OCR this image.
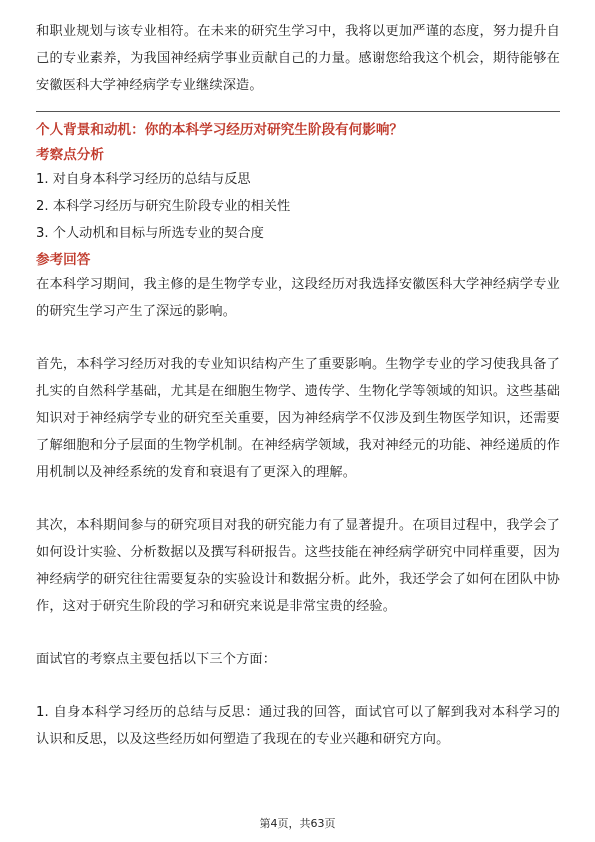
和职业规划与该专业相符。在未来的研究生学习中，我将以更加严谨的态度，努力提升自己的专业素养，为我国神经病学事业贡献自己的力量。感谢您给我这个机会，期待能够在安徽医科大学神经病学专业继续深造。

个人背景和动机：你的本科学习经历对研究生阶段有何影响？

考察点分析

1. 对自身本科学习经历的总结与反思
2. 本科学习经历与研究生阶段专业的相关性
3. 个人动机和目标与所选专业的契合度

参考回答

在本科学习期间，我主修的是生物学专业，这段经历对我选择安徽医科大学神经病学专业的研究生学习产生了深远的影响。

首先，本科学习经历对我的专业知识结构产生了重要影响。生物学专业的学习使我具备了扎实的自然科学基础，尤其是在细胞生物学、遗传学、生物化学等领域的知识。这些基础知识对于神经病学专业的研究至关重要，因为神经病学不仅涉及到生物医学知识，还需要了解细胞和分子层面的生物学机制。在神经病学领域，我对神经元的功能、神经递质的作用机制以及神经系统的发育和衰退有了更深入的理解。

其次，本科期间参与的研究项目对我的研究能力有了显著提升。在项目过程中，我学会了如何设计实验、分析数据以及撰写科研报告。这些技能在神经病学研究中同样重要，因为神经病学的研究往往需要复杂的实验设计和数据分析。此外，我还学会了如何在团队中协作，这对于研究生阶段的学习和研究来说是非常宝贵的经验。

面试官的考察点主要包括以下三个方面：

1. 自身本科学习经历的总结与反思：通过我的回答，面试官可以了解到我对本科学习的认识和反思，以及这些经历如何塑造了我现在的专业兴趣和研究方向。

第4页，共63页
